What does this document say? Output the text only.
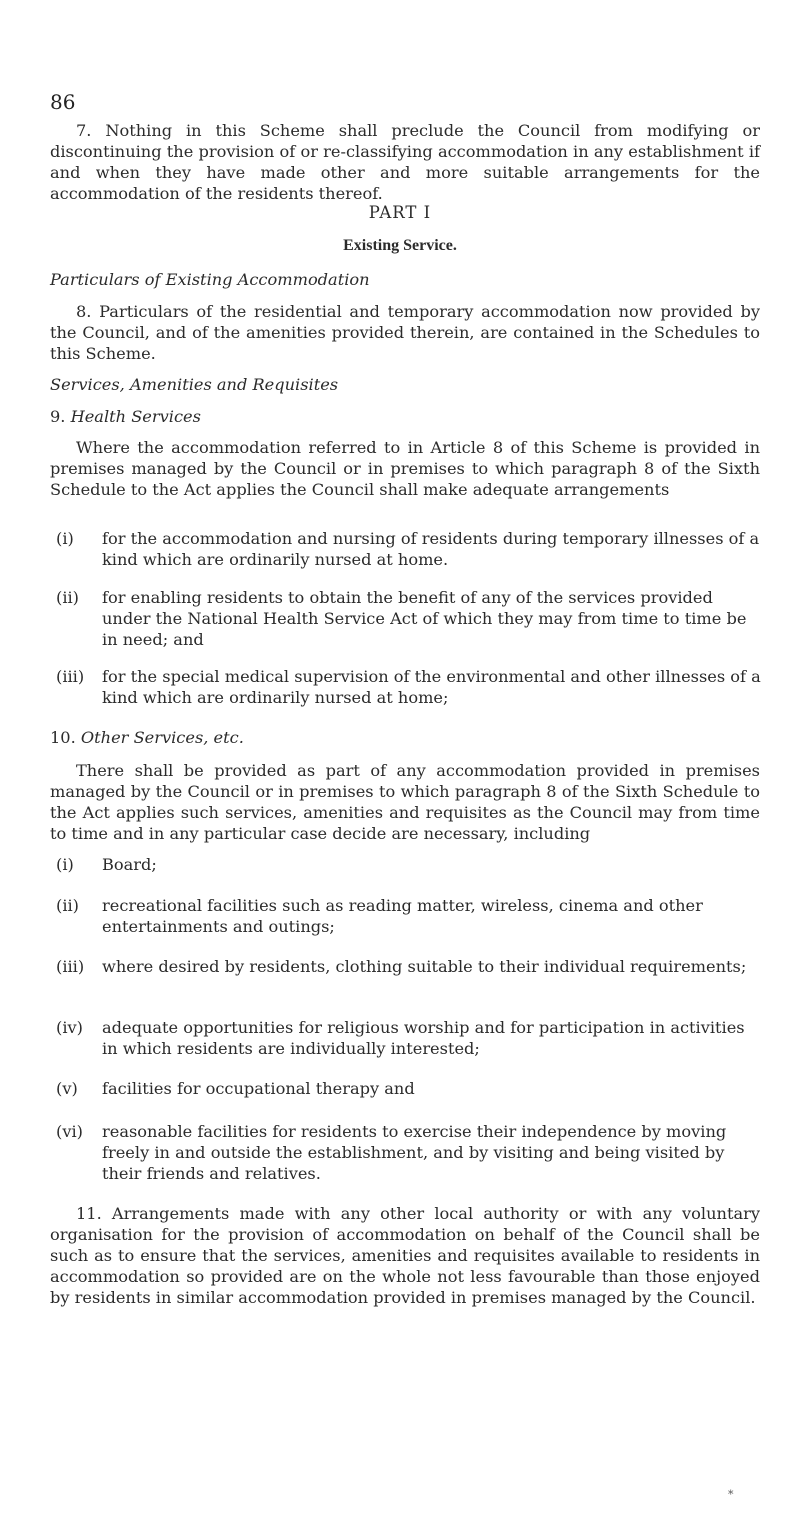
86

7. Nothing in this Scheme shall preclude the Council from modifying or discontinuing the provision of or re-classifying accommodation in any establishment if and when they have made other and more suitable arrangements for the accommodation of the residents thereof.

PART I

Existing Service.

Particulars of Existing Accommodation

8. Particulars of the residential and temporary accommodation now provided by the Council, and of the amenities provided therein, are contained in the Schedules to this Scheme.

Services, Amenities and Requisites

9. Health Services

Where the accommodation referred to in Article 8 of this Scheme is provided in premises managed by the Council or in premises to which paragraph 8 of the Sixth Schedule to the Act applies the Council shall make adequate arrangements

(i)	for the accommodation and nursing of residents during temporary illnesses of a kind which are ordinarily nursed at home.
(ii)	for enabling residents to obtain the benefit of any of the services provided under the National Health Service Act of which they may from time to time be in need; and
(iii)	for the special medical supervision of the environmental and other illnesses of a kind which are ordinarily nursed at home;

10. Other Services, etc.

There shall be provided as part of any accommodation provided in premises managed by the Council or in premises to which paragraph 8 of the Sixth Schedule to the Act applies such services, amenities and requisites as the Council may from time to time and in any particular case decide are necessary, including

(i)	Board;
(ii)	recreational facilities such as reading matter, wireless, cinema and other entertainments and outings;
(iii)	where desired by residents, clothing suitable to their individual requirements;
(iv)	adequate opportunities for religious worship and for participation in activities in which residents are individually interested;
(v)	facilities for occupational therapy and
(vi)	reasonable facilities for residents to exercise their independence by moving freely in and outside the establishment, and by visiting and being visited by their friends and relatives.

11. Arrangements made with any other local authority or with any voluntary organisation for the provision of accommodation on behalf of the Council shall be such as to ensure that the services, amenities and requisites available to residents in accommodation so provided are on the whole not less favourable than those enjoyed by residents in similar accommodation provided in premises managed by the Council.

*
